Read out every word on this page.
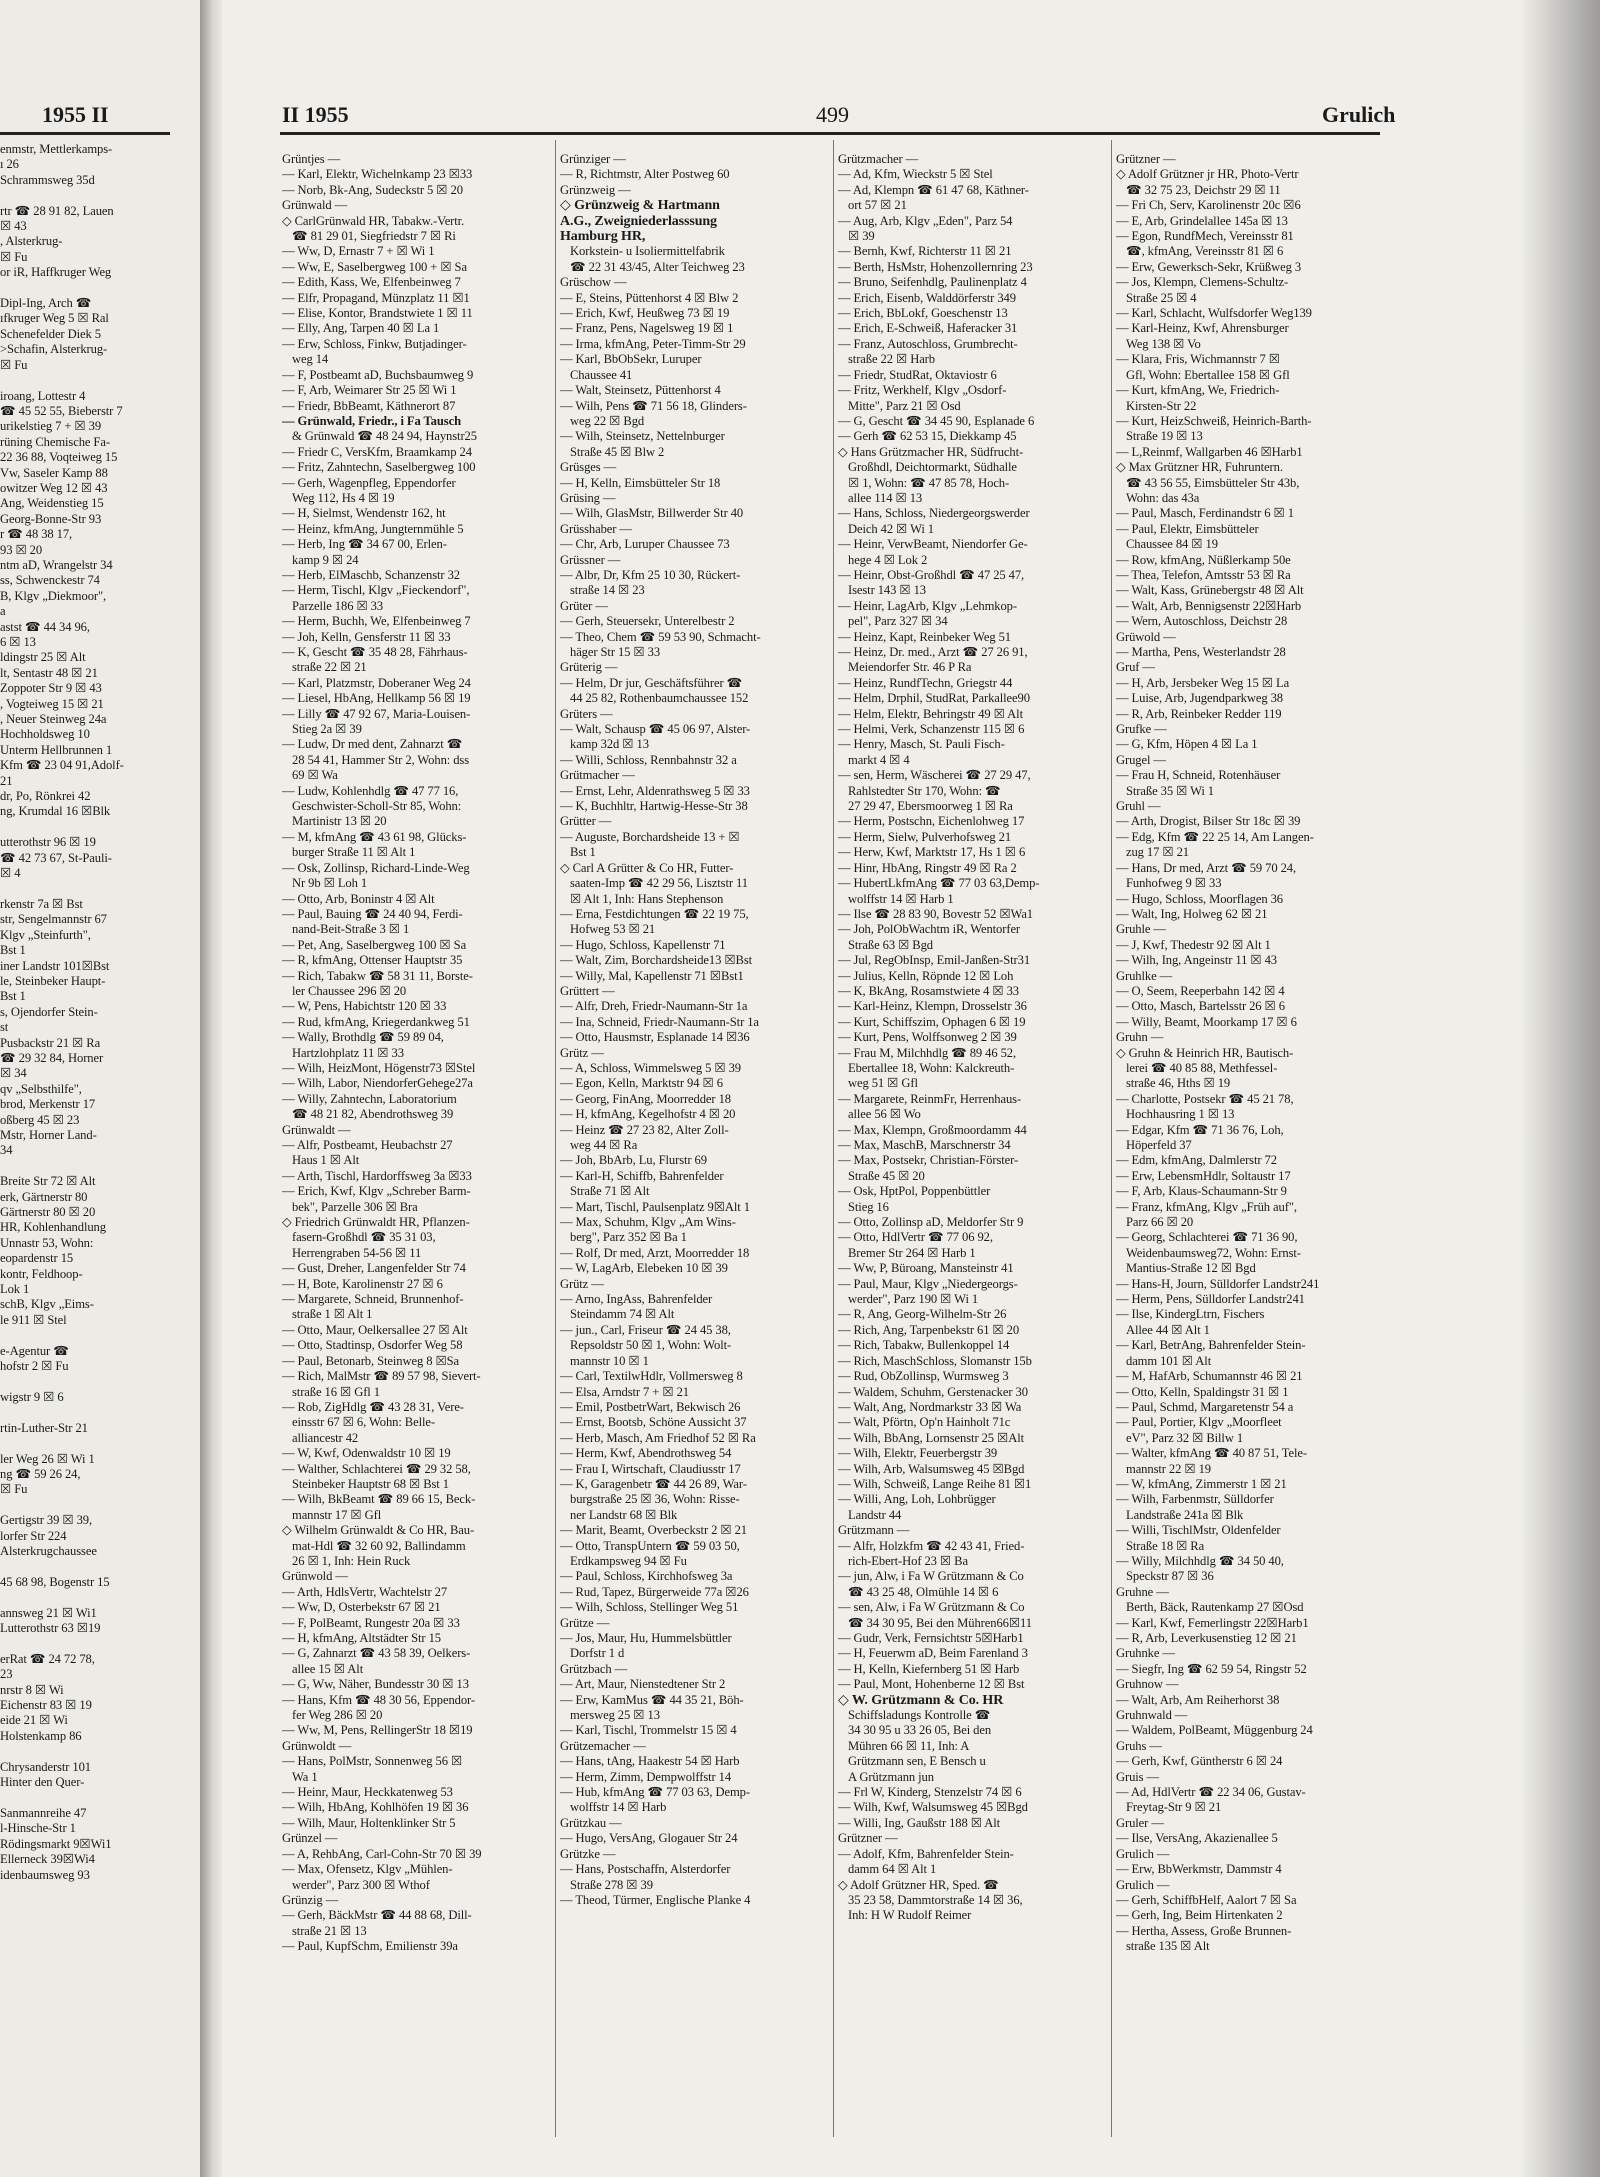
1955 II
enmstr, Mettlerkamps-
ı 26
Schrammsweg 35d

rtr ☎ 28 91 82, Lauen
☒ 43
, Alsterkrug-
☒ Fu
or iR, Haffkruger Weg

Dipl-Ing, Arch ☎
ıfkruger Weg 5 ☒ Ral
Schenefelder Diek 5
>Schafin, Alsterkrug-
☒ Fu

iroang, Lottestr 4
☎ 45 52 55, Bieberstr 7
urikelstieg 7 + ☒ 39
rüning Chemische Fa-
22 36 88, Voqteiweg 15
Vw, Saseler Kamp 88
owitzer Weg 12 ☒ 43
Ang, Weidenstieg 15
Georg-Bonne-Str 93
r ☎ 48 38 17,
93 ☒ 20
ntm aD, Wrangelstr 34
ss, Schwenckestr 74
B, Klgv „Diekmoor",
a
astst ☎ 44 34 96,
6 ☒ 13
ldingstr 25 ☒ Alt
lt, Sentastr 48 ☒ 21
Zoppoter Str 9 ☒ 43
, Vogteiweg 15 ☒ 21
, Neuer Steinweg 24a
Hochholdsweg 10
Unterm Hellbrunnen 1
Kfm ☎ 23 04 91,Adolf-
21
dr, Po, Rönkrei 42
ng, Krumdal 16 ☒Blk

utterothstr 96 ☒ 19
☎ 42 73 67, St-Pauli-
☒ 4

rkenstr 7a ☒ Bst
str, Sengelmannstr 67
Klgv „Steinfurth",
Bst 1
iner Landstr 101☒Bst
le, Steinbeker Haupt-
Bst 1
s, Ojendorfer Stein-
st
Pusbackstr 21 ☒ Ra
☎ 29 32 84, Horner
☒ 34
qv „Selbsthilfe",
brod, Merkenstr 17
oßberg 45 ☒ 23
Mstr, Horner Land-
34

Breite Str 72 ☒ Alt
erk, Gärtnerstr 80
Gärtnerstr 80 ☒ 20
HR, Kohlenhandlung
Unnastr 53, Wohn:
eopardenstr 15
kontr, Feldhoop-
Lok 1
schB, Klgv „Eims-
le 911 ☒ Stel

e-Agentur ☎
hofstr 2 ☒ Fu

wigstr 9 ☒ 6

rtin-Luther-Str 21

ler Weg 26 ☒ Wi 1
ng ☎ 59 26 24,
☒ Fu

Gertigstr 39 ☒ 39,
lorfer Str 224
Alsterkrugchaussee

45 68 98, Bogenstr 15

annsweg 21 ☒ Wi1
Lutterothstr 63 ☒19

erRat ☎ 24 72 78,
23
nrstr 8 ☒ Wi
Eichenstr 83 ☒ 19
eide 21 ☒ Wi
Holstenkamp 86

Chrysanderstr 101
Hinter den Quer-

Sanmannreihe 47
l-Hinsche-Str 1
Rödingsmarkt 9☒Wi1
Ellerneck 39☒Wi4
idenbaumsweg 93
II 1955	499	Grulich
Grüntjes —
— Karl, Elektr, Wichelnkamp 23 ☒33
— Norb, Bk-Ang, Sudeckstr 5 ☒ 20
Grünwald —
◇ CarlGrünwald HR, Tabakw.-Vertr.
☎ 81 29 01, Siegfriedstr 7 ☒ Ri
— Ww, D, Ernastr 7 + ☒ Wi 1
— Ww, E, Saselbergweg 100 + ☒ Sa
— Edith, Kass, We, Elfenbeinweg 7
— Elfr, Propagand, Münzplatz 11 ☒1
— Elise, Kontor, Brandstwiete 1 ☒ 11
— Elly, Ang, Tarpen 40 ☒ La 1
— Erw, Schloss, Finkw, Butjadinger-
weg 14
— F, Postbeamt aD, Buchsbaumweg 9
— F, Arb, Weimarer Str 25 ☒ Wi 1
— Friedr, BbBeamt, Käthnerort 87
— Grünwald, Friedr., i Fa Tausch
& Grünwald ☎ 48 24 94, Haynstr25
— Friedr C, VersKfm, Braamkamp 24
— Fritz, Zahntechn, Saselbergweg 100
— Gerh, Wagenpfleg, Eppendorfer
Weg 112, Hs 4 ☒ 19
— H, Sielmst, Wendenstr 162, ht
— Heinz, kfmAng, Jungternmühle 5
— Herb, Ing ☎ 34 67 00, Erlen-
kamp 9 ☒ 24
— Herb, ElMaschb, Schanzenstr 32
— Herm, Tischl, Klgv „Fieckendorf",
Parzelle 186 ☒ 33
— Herm, Buchh, We, Elfenbeinweg 7
— Joh, Kelln, Gensferstr 11 ☒ 33
— K, Gescht ☎ 35 48 28, Fährhaus-
straße 22 ☒ 21
— Karl, Platzmstr, Doberaner Weg 24
— Liesel, HbAng, Hellkamp 56 ☒ 19
— Lilly ☎ 47 92 67, Maria-Louisen-
Stieg 2a ☒ 39
— Ludw, Dr med dent, Zahnarzt ☎
28 54 41, Hammer Str 2, Wohn: dss
69 ☒ Wa
— Ludw, Kohlenhdlg ☎ 47 77 16,
Geschwister-Scholl-Str 85, Wohn:
Martinistr 13 ☒ 20
— M, kfmAng ☎ 43 61 98, Glücks-
burger Straße 11 ☒ Alt 1
— Osk, Zollinsp, Richard-Linde-Weg
Nr 9b ☒ Loh 1
— Otto, Arb, Boninstr 4 ☒ Alt
— Paul, Bauing ☎ 24 40 94, Ferdi-
nand-Beit-Straße 3 ☒ 1
— Pet, Ang, Saselbergweg 100 ☒ Sa
— R, kfmAng, Ottenser Hauptstr 35
— Rich, Tabakw ☎ 58 31 11, Borste-
ler Chaussee 296 ☒ 20
— W, Pens, Habichtstr 120 ☒ 33
— Rud, kfmAng, Kriegerdankweg 51
— Wally, Brothdlg ☎ 59 89 04,
Hartzlohplatz 11 ☒ 33
— Wilh, HeizMont, Högenstr73 ☒Stel
— Wilh, Labor, NiendorferGehege27a
— Willy, Zahntechn, Laboratorium
☎ 48 21 82, Abendrothsweg 39
Grünwaldt —
— Alfr, Postbeamt, Heubachstr 27
Haus 1 ☒ Alt
— Arth, Tischl, Hardorffsweg 3a ☒33
— Erich, Kwf, Klgv „Schreber Barm-
bek", Parzelle 306 ☒ Bra
◇ Friedrich Grünwaldt HR, Pflanzen-
fasern-Großhdl ☎ 35 31 03,
Herrengraben 54-56 ☒ 11
— Gust, Dreher, Langenfelder Str 74
— H, Bote, Karolinenstr 27 ☒ 6
— Margarete, Schneid, Brunnenhof-
straße 1 ☒ Alt 1
— Otto, Maur, Oelkersallee 27 ☒ Alt
— Otto, Stadtinsp, Osdorfer Weg 58
— Paul, Betonarb, Steinweg 8 ☒Sa
— Rich, MalMstr ☎ 89 57 98, Sievert-
straße 16 ☒ Gfl 1
— Rob, ZigHdlg ☎ 43 28 31, Vere-
einsstr 67 ☒ 6, Wohn: Belle-
alliancestr 42
— W, Kwf, Odenwaldstr 10 ☒ 19
— Walther, Schlachterei ☎ 29 32 58,
Steinbeker Hauptstr 68 ☒ Bst 1
— Wilh, BkBeamt ☎ 89 66 15, Beck-
mannstr 17 ☒ Gfl
◇ Wilhelm Grünwaldt & Co HR, Bau-
mat-Hdl ☎ 32 60 92, Ballindamm
26 ☒ 1, Inh: Hein Ruck
Grünwold —
— Arth, HdlsVertr, Wachtelstr 27
— Ww, D, Osterbekstr 67 ☒ 21
— F, PolBeamt, Rungestr 20a ☒ 33
— H, kfmAng, Altstädter Str 15
— G, Zahnarzt ☎ 43 58 39, Oelkers-
allee 15 ☒ Alt
— G, Ww, Näher, Bundesstr 30 ☒ 13
— Hans, Kfm ☎ 48 30 56, Eppendor-
fer Weg 286 ☒ 20
— Ww, M, Pens, RellingerStr 18 ☒19
Grünwoldt —
— Hans, PolMstr, Sonnenweg 56 ☒
Wa 1
— Heinr, Maur, Heckkatenweg 53
— Wilh, HbAng, Kohlhöfen 19 ☒ 36
— Wilh, Maur, Holtenklinker Str 5
Grünzel —
— A, RehbAng, Carl-Cohn-Str 70 ☒ 39
— Max, Ofensetz, Klgv „Mühlen-
werder", Parz 300 ☒ Wthof
Grünzig —
— Gerh, BäckMstr ☎ 44 88 68, Dill-
straße 21 ☒ 13
— Paul, KupfSchm, Emilienstr 39a
Grünziger —
— R, Richtmstr, Alter Postweg 60
Grünzweig —
◇ Grünzweig & Hartmann
A.G., Zweigniederlasssung
Hamburg HR,
Korkstein- u Isoliermittelfabrik
☎ 22 31 43/45, Alter Teichweg 23
Grüschow —
— E, Steins, Püttenhorst 4 ☒ Blw 2
— Erich, Kwf, Heußweg 73 ☒ 19
— Franz, Pens, Nagelsweg 19 ☒ 1
— Irma, kfmAng, Peter-Timm-Str 29
— Karl, BbObSekr, Luruper
Chaussee 41
— Walt, Steinsetz, Püttenhorst 4
— Wilh, Pens ☎ 71 56 18, Glinders-
weg 22 ☒ Bgd
— Wilh, Steinsetz, Nettelnburger
Straße 45 ☒ Blw 2
Grüsges —
— H, Kelln, Eimsbütteler Str 18
Grüsing —
— Wilh, GlasMstr, Billwerder Str 40
Grüsshaber —
— Chr, Arb, Luruper Chaussee 73
Grüssner —
— Albr, Dr, Kfm 25 10 30, Rückert-
straße 14 ☒ 23
Grüter —
— Gerh, Steuersekr, Unterelbestr 2
— Theo, Chem ☎ 59 53 90, Schmacht-
häger Str 15 ☒ 33
Grüterig —
— Helm, Dr jur, Geschäftsführer ☎
44 25 82, Rothenbaumchaussee 152
Grüters —
— Walt, Schausp ☎ 45 06 97, Alster-
kamp 32d ☒ 13
— Willi, Schloss, Rennbahnstr 32 a
Grütmacher —
— Ernst, Lehr, Aldenrathsweg 5 ☒ 33
— K, Buchhltr, Hartwig-Hesse-Str 38
Grütter —
— Auguste, Borchardsheide 13 + ☒
Bst 1
◇ Carl A Grütter & Co HR, Futter-
saaten-Imp ☎ 42 29 56, Lisztstr 11
☒ Alt 1, Inh: Hans Stephenson
— Erna, Festdichtungen ☎ 22 19 75,
Hofweg 53 ☒ 21
— Hugo, Schloss, Kapellenstr 71
— Walt, Zim, Borchardsheide13 ☒Bst
— Willy, Mal, Kapellenstr 71 ☒Bst1
Grüttert —
— Alfr, Dreh, Friedr-Naumann-Str 1a
— Ina, Schneid, Friedr-Naumann-Str 1a
— Otto, Hausmstr, Esplanade 14 ☒36
Grütz —
— A, Schloss, Wimmelsweg 5 ☒ 39
— Egon, Kelln, Marktstr 94 ☒ 6
— Georg, FinAng, Moorredder 18
— H, kfmAng, Kegelhofstr 4 ☒ 20
— Heinz ☎ 27 23 82, Alter Zoll-
weg 44 ☒ Ra
— Joh, BbArb, Lu, Flurstr 69
— Karl-H, Schiffb, Bahrenfelder
Straße 71 ☒ Alt
— Mart, Tischl, Paulsenplatz 9☒Alt 1
— Max, Schuhm, Klgv „Am Wins-
berg", Parz 352 ☒ Ba 1
— Rolf, Dr med, Arzt, Moorredder 18
— W, LagArb, Elebeken 10 ☒ 39
Grütz —
— Arno, IngAss, Bahrenfelder
Steindamm 74 ☒ Alt
— jun., Carl, Friseur ☎ 24 45 38,
Repsoldstr 50 ☒ 1, Wohn: Wolt-
mannstr 10 ☒ 1
— Carl, TextilwHdlr, Vollmersweg 8
— Elsa, Arndstr 7 + ☒ 21
— Emil, PostbetrWart, Bekwisch 26
— Ernst, Bootsb, Schöne Aussicht 37
— Herb, Masch, Am Friedhof 52 ☒ Ra
— Herm, Kwf, Abendrothsweg 54
— Frau I, Wirtschaft, Claudiusstr 17
— K, Garagenbetr ☎ 44 26 89, War-
burgstraße 25 ☒ 36, Wohn: Risse-
ner Landstr 68 ☒ Blk
— Marit, Beamt, Overbeckstr 2 ☒ 21
— Otto, TranspUntern ☎ 59 03 50,
Erdkampsweg 94 ☒ Fu
— Paul, Schloss, Kirchhofsweg 3a
— Rud, Tapez, Bürgerweide 77a ☒26
— Wilh, Schloss, Stellinger Weg 51
Grütze —
— Jos, Maur, Hu, Hummelsbüttler
Dorfstr 1 d
Grützbach —
— Art, Maur, Nienstedtener Str 2
— Erw, KamMus ☎ 44 35 21, Böh-
mersweg 25 ☒ 13
— Karl, Tischl, Trommelstr 15 ☒ 4
Grützemacher —
— Hans, tAng, Haakestr 54 ☒ Harb
— Herm, Zimm, Dempwolffstr 14
— Hub, kfmAng ☎ 77 03 63, Demp-
wolffstr 14 ☒ Harb
Grützkau —
— Hugo, VersAng, Glogauer Str 24
Grützke —
— Hans, Postschaffn, Alsterdorfer
Straße 278 ☒ 39
— Theod, Türmer, Englische Planke 4
Grützmacher —
— Ad, Kfm, Wieckstr 5 ☒ Stel
— Ad, Klempn ☎ 61 47 68, Käthner-
ort 57 ☒ 21
— Aug, Arb, Klgv „Eden", Parz 54
☒ 39
— Bernh, Kwf, Richterstr 11 ☒ 21
— Berth, HsMstr, Hohenzollernring 23
— Bruno, Seifenhdlg, Paulinenplatz 4
— Erich, Eisenb, Walddörferstr 349
— Erich, BbLokf, Goeschenstr 13
— Erich, E-Schweiß, Haferacker 31
— Franz, Autoschloss, Grumbrecht-
straße 22 ☒ Harb
— Friedr, StudRat, Oktaviostr 6
— Fritz, Werkhelf, Klgv „Osdorf-
Mitte", Parz 21 ☒ Osd
— G, Gescht ☎ 34 45 90, Esplanade 6
— Gerh ☎ 62 53 15, Diekkamp 45
◇ Hans Grützmacher HR, Südfrucht-
Großhdl, Deichtormarkt, Südhalle
☒ 1, Wohn: ☎ 47 85 78, Hoch-
allee 114 ☒ 13
— Hans, Schloss, Niedergeorgswerder
Deich 42 ☒ Wi 1
— Heinr, VerwBeamt, Niendorfer Ge-
hege 4 ☒ Lok 2
— Heinr, Obst-Großhdl ☎ 47 25 47,
Isestr 143 ☒ 13
— Heinr, LagArb, Klgv „Lehmkop-
pel", Parz 327 ☒ 34
— Heinz, Kapt, Reinbeker Weg 51
— Heinz, Dr. med., Arzt ☎ 27 26 91,
Meiendorfer Str. 46 P Ra
— Heinz, RundfTechn, Griegstr 44
— Helm, Drphil, StudRat, Parkallee90
— Helm, Elektr, Behringstr 49 ☒ Alt
— Helmi, Verk, Schanzenstr 115 ☒ 6
— Henry, Masch, St. Pauli Fisch-
markt 4 ☒ 4
— sen, Herm, Wäscherei ☎ 27 29 47,
Rahlstedter Str 170, Wohn: ☎
27 29 47, Ebersmoorweg 1 ☒ Ra
— Herm, Postschn, Eichenlohweg 17
— Herm, Sielw, Pulverhofsweg 21
— Herw, Kwf, Marktstr 17, Hs 1 ☒ 6
— Hinr, HbAng, Ringstr 49 ☒ Ra 2
— HubertLkfmAng ☎ 77 03 63,Demp-
wolffstr 14 ☒ Harb 1
— Ilse ☎ 28 83 90, Bovestr 52 ☒Wa1
— Joh, PolObWachtm iR, Wentorfer
Straße 63 ☒ Bgd
— Jul, RegObInsp, Emil-Janßen-Str31
— Julius, Kelln, Röpnde 12 ☒ Loh
— K, BkAng, Rosamstwiete 4 ☒ 33
— Karl-Heinz, Klempn, Drosselstr 36
— Kurt, Schiffszim, Ophagen 6 ☒ 19
— Kurt, Pens, Wolffsonweg 2 ☒ 39
— Frau M, Milchhdlg ☎ 89 46 52,
Ebertallee 18, Wohn: Kalckreuth-
weg 51 ☒ Gfl
— Margarete, ReinmFr, Herrenhaus-
allee 56 ☒ Wo
— Max, Klempn, Großmoordamm 44
— Max, MaschB, Marschnerstr 34
— Max, Postsekr, Christian-Förster-
Straße 45 ☒ 20
— Osk, HptPol, Poppenbüttler
Stieg 16
— Otto, Zollinsp aD, Meldorfer Str 9
— Otto, HdlVertr ☎ 77 06 92,
Bremer Str 264 ☒ Harb 1
— Ww, P, Büroang, Mansteinstr 41
— Paul, Maur, Klgv „Niedergeorgs-
werder", Parz 190 ☒ Wi 1
— R, Ang, Georg-Wilhelm-Str 26
— Rich, Ang, Tarpenbekstr 61 ☒ 20
— Rich, Tabakw, Bullenkoppel 14
— Rich, MaschSchloss, Slomanstr 15b
— Rud, ObZollinsp, Wurmsweg 3
— Waldem, Schuhm, Gerstenacker 30
— Walt, Ang, Nordmarkstr 33 ☒ Wa
— Walt, Pförtn, Op'n Hainholt 71c
— Wilh, BbAng, Lornsenstr 25 ☒Alt
— Wilh, Elektr, Feuerbergstr 39
— Wilh, Arb, Walsumsweg 45 ☒Bgd
— Wilh, Schweiß, Lange Reihe 81 ☒1
— Willi, Ang, Loh, Lohbrügger
Landstr 44
Grützmann —
— Alfr, Holzkfm ☎ 42 43 41, Fried-
rich-Ebert-Hof 23 ☒ Ba
— jun, Alw, i Fa W Grützmann & Co
☎ 43 25 48, Olmühle 14 ☒ 6
— sen, Alw, i Fa W Grützmann & Co
☎ 34 30 95, Bei den Mühren66☒11
— Gudr, Verk, Fernsichtstr 5☒Harb1
— H, Feuerwm aD, Beim Farenland 3
— H, Kelln, Kiefernberg 51 ☒ Harb
— Paul, Mont, Hohenberne 12 ☒ Bst
◇ W. Grützmann & Co. HR
Schiffsladungs Kontrolle ☎
34 30 95 u 33 26 05, Bei den
Mühren 66 ☒ 11, Inh: A
Grützmann sen, E Bensch u
A Grützmann jun
— Frl W, Kinderg, Stenzelstr 74 ☒ 6
— Wilh, Kwf, Walsumsweg 45 ☒Bgd
— Willi, Ing, Gaußstr 188 ☒ Alt
Grützner —
— Adolf, Kfm, Bahrenfelder Stein-
damm 64 ☒ Alt 1
◇ Adolf Grützner HR, Sped. ☎
35 23 58, Dammtorstraße 14 ☒ 36,
Inh: H W Rudolf Reimer
Grützner —
◇ Adolf Grützner jr HR, Photo-Vertr
☎ 32 75 23, Deichstr 29 ☒ 11
— Fri Ch, Serv, Karolinenstr 20c ☒6
— E, Arb, Grindelallee 145a ☒ 13
— Egon, RundfMech, Vereinsstr 81
☎, kfmAng, Vereinsstr 81 ☒ 6
— Erw, Gewerksch-Sekr, Krüßweg 3
— Jos, Klempn, Clemens-Schultz-
Straße 25 ☒ 4
— Karl, Schlacht, Wulfsdorfer Weg139
— Karl-Heinz, Kwf, Ahrensburger
Weg 138 ☒ Vo
— Klara, Fris, Wichmannstr 7 ☒
Gfl, Wohn: Ebertallee 158 ☒ Gfl
— Kurt, kfmAng, We, Friedrich-
Kirsten-Str 22
— Kurt, HeizSchweiß, Heinrich-Barth-
Straße 19 ☒ 13
— L,Reinmf, Wallgarben 46 ☒Harb1
◇ Max Grützner HR, Fuhruntern.
☎ 43 56 55, Eimsbütteler Str 43b,
Wohn: das 43a
— Paul, Masch, Ferdinandstr 6 ☒ 1
— Paul, Elektr, Eimsbütteler
Chaussee 84 ☒ 19
— Row, kfmAng, Nüßlerkamp 50e
— Thea, Telefon, Amtsstr 53 ☒ Ra
— Walt, Kass, Grünebergstr 48 ☒ Alt
— Walt, Arb, Bennigsenstr 22☒Harb
— Wern, Autoschloss, Deichstr 28
Grüwold —
— Martha, Pens, Westerlandstr 28
Gruf —
— H, Arb, Jersbeker Weg 15 ☒ La
— Luise, Arb, Jugendparkweg 38
— R, Arb, Reinbeker Redder 119
Grufke —
— G, Kfm, Höpen 4 ☒ La 1
Grugel —
— Frau H, Schneid, Rotenhäuser
Straße 35 ☒ Wi 1
Gruhl —
— Arth, Drogist, Bilser Str 18c ☒ 39
— Edg, Kfm ☎ 22 25 14, Am Langen-
zug 17 ☒ 21
— Hans, Dr med, Arzt ☎ 59 70 24,
Funhofweg 9 ☒ 33
— Hugo, Schloss, Moorflagen 36
— Walt, Ing, Holweg 62 ☒ 21
Gruhle —
— J, Kwf, Thedestr 92 ☒ Alt 1
— Wilh, Ing, Angeinstr 11 ☒ 43
Gruhlke —
— O, Seem, Reeperbahn 142 ☒ 4
— Otto, Masch, Bartelsstr 26 ☒ 6
— Willy, Beamt, Moorkamp 17 ☒ 6
Gruhn —
◇ Gruhn & Heinrich HR, Bautisch-
lerei ☎ 40 85 88, Methfessel-
straße 46, Hths ☒ 19
— Charlotte, Postsekr ☎ 45 21 78,
Hochhausring 1 ☒ 13
— Edgar, Kfm ☎ 71 36 76, Loh,
Höperfeld 37
— Edm, kfmAng, Dalmlerstr 72
— Erw, LebensmHdlr, Soltaustr 17
— F, Arb, Klaus-Schaumann-Str 9
— Franz, kfmAng, Klgv „Früh auf",
Parz 66 ☒ 20
— Georg, Schlachterei ☎ 71 36 90,
Weidenbaumsweg72, Wohn: Ernst-
Mantius-Straße 12 ☒ Bgd
— Hans-H, Journ, Sülldorfer Landstr241
— Herm, Pens, Sülldorfer Landstr241
— Ilse, KindergLtrn, Fischers
Allee 44 ☒ Alt 1
— Karl, BetrAng, Bahrenfelder Stein-
damm 101 ☒ Alt
— M, HafArb, Schumannstr 46 ☒ 21
— Otto, Kelln, Spaldingstr 31 ☒ 1
— Paul, Schmd, Margaretenstr 54 a
— Paul, Portier, Klgv „Moorfleet
eV", Parz 32 ☒ Billw 1
— Walter, kfmAng ☎ 40 87 51, Tele-
mannstr 22 ☒ 19
— W, kfmAng, Zimmerstr 1 ☒ 21
— Wilh, Farbenmstr, Sülldorfer
Landstraße 241a ☒ Blk
— Willi, TischlMstr, Oldenfelder
Straße 18 ☒ Ra
— Willy, Milchhdlg ☎ 34 50 40,
Speckstr 87 ☒ 36
Gruhne —
Berth, Bäck, Rautenkamp 27 ☒Osd
— Karl, Kwf, Femerlingstr 22☒Harb1
— R, Arb, Leverkusenstieg 12 ☒ 21
Gruhnke —
— Siegfr, Ing ☎ 62 59 54, Ringstr 52
Gruhnow —
— Walt, Arb, Am Reiherhorst 38
Gruhnwald —
— Waldem, PolBeamt, Müggenburg 24
Gruhs —
— Gerh, Kwf, Güntherstr 6 ☒ 24
Gruis —
— Ad, HdlVertr ☎ 22 34 06, Gustav-
Freytag-Str 9 ☒ 21
Gruler —
— Ilse, VersAng, Akazienallee 5
Grulich —
— Erw, BbWerkmstr, Dammstr 4
Grulich —
— Gerh, SchiffbHelf, Aalort 7 ☒ Sa
— Gerh, Ing, Beim Hirtenkaten 2
— Hertha, Assess, Große Brunnen-
straße 135 ☒ Alt
